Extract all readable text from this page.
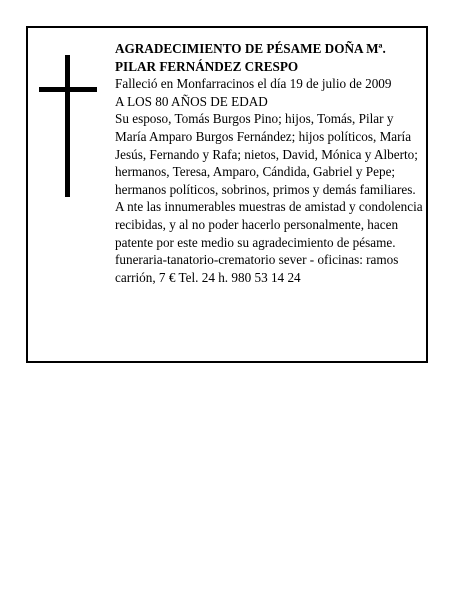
AGRADECIMIENTO DE PÉSAME DOÑA Mª. PILAR FERNÁNDEZ CRESPO

Falleció en Monfarracinos el día 19 de julio de 2009

A LOS 80 AÑOS DE EDAD

Su esposo, Tomás Burgos Pino; hijos, Tomás, Pilar y María Amparo Burgos Fernández; hijos políticos, María Jesús, Fernando y Rafa; nietos, David, Mónica y Alberto; hermanos, Teresa, Amparo, Cándida, Gabriel y Pepe; hermanos políticos, sobrinos, primos y demás familiares.

A nte las innumerables muestras de amistad y condolencia recibidas, y al no poder hacerlo personalmente, hacen patente por este medio su agradecimiento de pésame.

funeraria-tanatorio-crematorio sever - oficinas: ramos carrión, 7 € Tel. 24 h. 980 53 14 24
